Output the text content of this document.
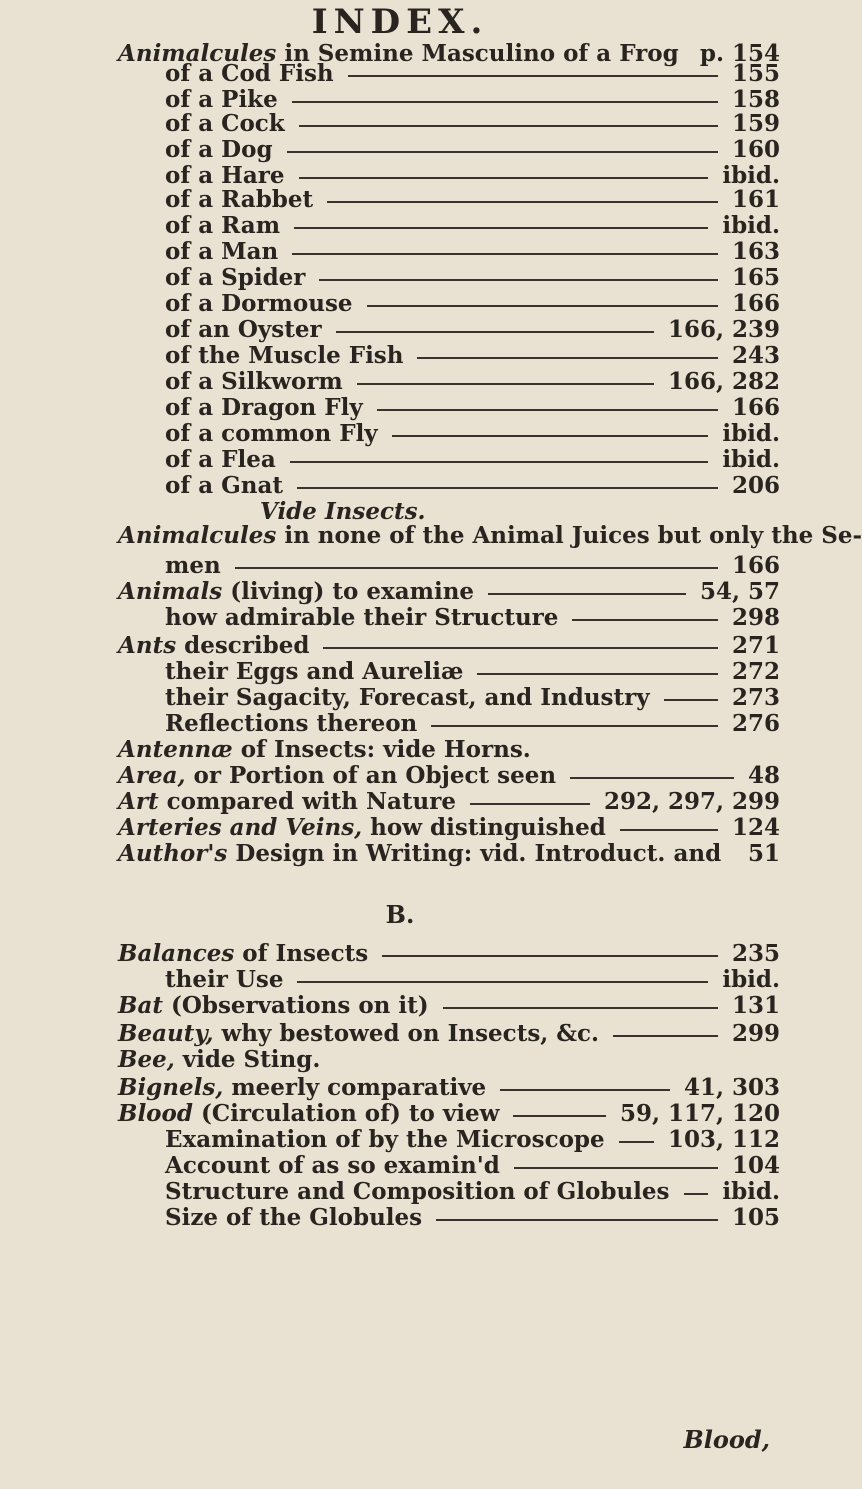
INDEX.
Animalcules in Semine Masculino of a Frog p. 154
of a Cod Fish	155
of a Pike	158
of a Cock	159
of a Dog	160
of a Hare	ibid.
of a Rabbet	161
of a Ram	ibid.
of a Man	163
of a Spider	165
of a Dormouse	166
of an Oyster	166, 239
of the Muscle Fish	243
of a Silkworm	166, 282
of a Dragon Fly	166
of a common Fly	ibid.
of a Flea	ibid.
of a Gnat	206
Vide Insects.
Animalcules in none of the Animal Juices but only the Se-
men	166
Animals (living) to examine	54, 57
how admirable their Structure	298
Ants described	271
their Eggs and Aureliæ	272
their Sagacity, Forecast, and Industry	273
Reflections thereon	276
Antennæ of Insects: vide Horns.
Area, or Portion of an Object seen	48
Art compared with Nature	292, 297, 299
Arteries and Veins, how distinguished	124
Author's Design in Writing: vid. Introduct. and 51
B.
Balances of Insects	235
their Use	ibid.
Bat (Observations on it)	131
Beauty, why bestowed on Insects, &c.	299
Bee, vide Sting.
Bignels, meerly comparative	41, 303
Blood (Circulation of) to view	59, 117, 120
Examination of by the Microscope	103, 112
Account of as so examin'd	104
Structure and Composition of Globules ibid.
Size of the Globules	105
Blood,
